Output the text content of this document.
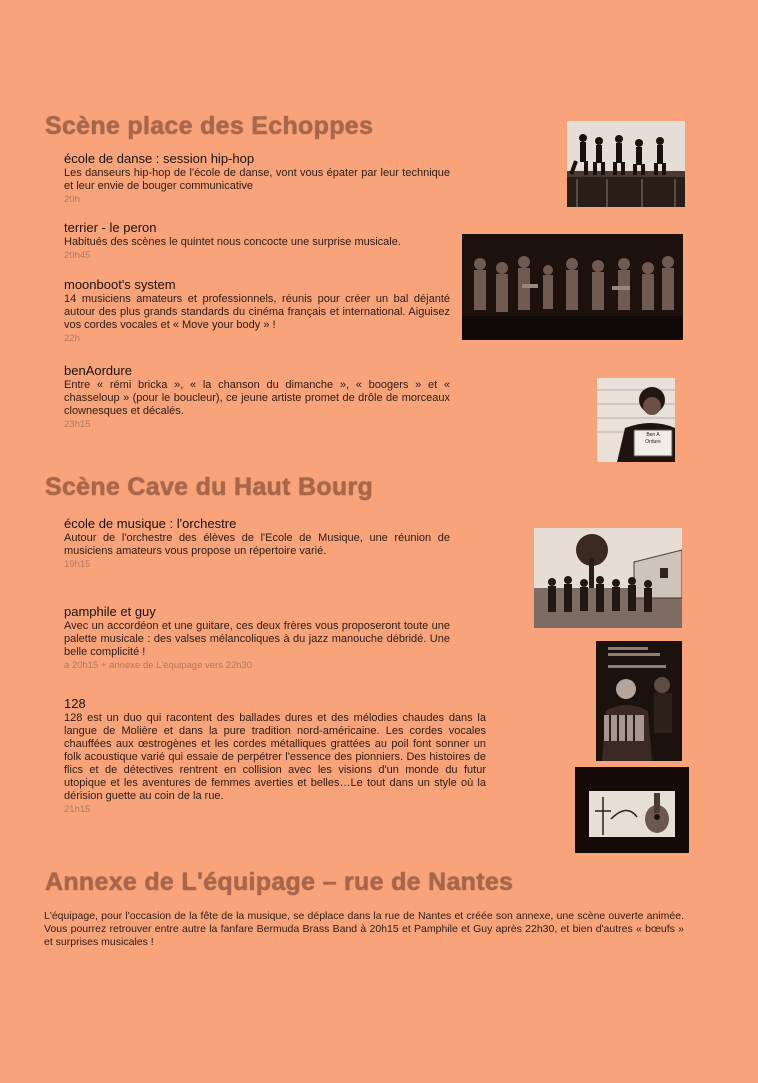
Scène place des Echoppes

école de danse : session hip-hop

Les danseurs hip-hop de l'école de danse, vont vous épater par leur technique et leur envie de bouger communicative

20h

terrier - le peron

Habitués des scènes le quintet nous concocte une surprise musicale.

20h45

moonboot's system

14 musiciens amateurs et professionnels, réunis pour créer un bal déjanté autour des plus grands standards du cinéma français et international. Aiguisez vos cordes vocales et « Move your body » !

22h

benAordure

Entre « rémi bricka », « la chanson du dimanche », « boogers » et « chasseloup » (pour le boucleur), ce jeune artiste promet de drôle de morceaux clownesques et décalés.

23h15

Scène Cave du Haut Bourg

école de musique : l'orchestre

Autour de l'orchestre des élèves de l'Ecole de Musique, une réunion de musiciens amateurs vous propose un répertoire varié.

19h15

pamphile et guy

Avec un accordéon et une guitare, ces deux frères vous proposeront toute une palette musicale : des valses mélancoliques à du jazz manouche débridé. Une belle complicité !

à 20h15 + annexe de L'équipage vers 22h30

128

128 est un duo qui racontent des ballades dures et des mélodies chaudes dans la langue de Molière et dans la pure tradition nord-américaine. Les cordes vocales chauffées aux œstrogènes et les cordes métalliques grattées au poil font sonner un folk acoustique varié qui essaie de perpétrer l'essence des pionniers. Des histoires de flics et de détectives rentrent en collision avec les visions d'un monde du futur utopique et les aventures de femmes averties et belles…Le tout dans un style où la dérision guette au coin de la rue.

21h15

Annexe de L'équipage – rue de Nantes
L'équipage, pour l'occasion de la fête de la musique, se déplace dans la rue de Nantes et créée son annexe, une scène ouverte animée. Vous pourrez retrouver entre autre la fanfare Bermuda Brass Band à 20h15 et Pamphile et Guy après 22h30, et bien d'autres « bœufs » et surprises musicales !
Ben A
Ordure
